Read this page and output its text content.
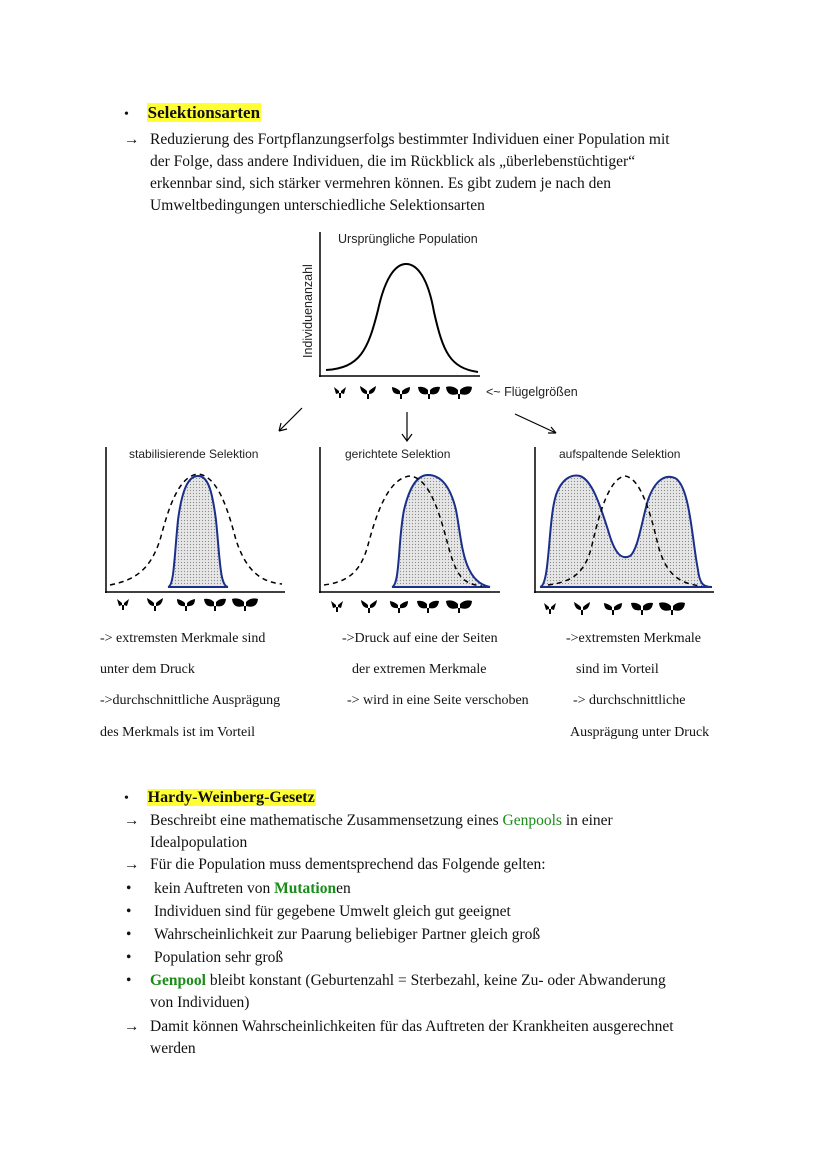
• Selektionsarten
→ Reduzierung des Fortpflanzungserfolgs bestimmter Individuen einer Population mit
der Folge, dass andere Individuen, die im Rückblick als „überlebenstüchtiger“
erkennbar sind, sich stärker vermehren können. Es gibt zudem je nach den
Umweltbedingungen unterschiedliche Selektionsarten
Ursprüngliche Population
Individuenanzahl
<~ Flügelgrößen
stabilisierende Selektion	gerichtete Selektion	aufspaltende Selektion
-> extremsten Merkmale sind
unter dem Druck
->durchschnittliche Ausprägung
des Merkmals ist im Vorteil
->Druck auf eine der Seiten
der extremen Merkmale
-> wird in eine Seite verschoben
->extremsten Merkmale
sind im Vorteil
-> durchschnittliche
Ausprägung unter Druck
• Hardy-Weinberg-Gesetz
→ Beschreibt eine mathematische Zusammensetzung eines Genpools in einer
Idealpopulation
→ Für die Population muss dementsprechend das Folgende gelten:
• kein Auftreten von Mutationen
• Individuen sind für gegebene Umwelt gleich gut geeignet
• Wahrscheinlichkeit zur Paarung beliebiger Partner gleich groß
• Population sehr groß
• Genpool bleibt konstant (Geburtenzahl = Sterbezahl, keine Zu- oder Abwanderung
von Individuen)
→ Damit können Wahrscheinlichkeiten für das Auftreten der Krankheiten ausgerechnet
werden
